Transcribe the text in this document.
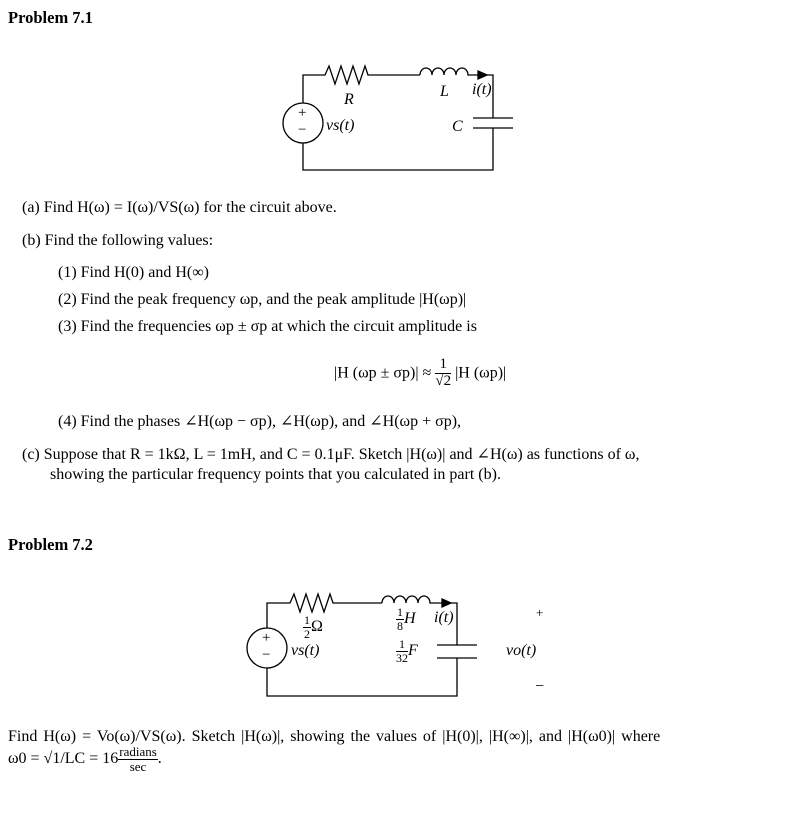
Problem 7.1
+
−
R	L i(t)
vs(t)	C
(a) Find H(ω) = I(ω)/VS(ω) for the circuit above.
(b) Find the following values:
(1) Find H(0) and H(∞)
(2) Find the peak frequency ωp, and the peak amplitude |H(ωp)|
(3) Find the frequencies ωp ± σp at which the circuit amplitude is
|H $(\omega p \pm \sigma p)| \approx \frac{1}{√2} |H$ (ωp)|
(4) Find the phases ∠H(ωp − σp), ∠H(ωp), and ∠H(ωp + σp),
(c) Suppose that R = 1kΩ, L = 1mH, and C = 0.1μF. Sketch |H(ω)| and ∠H(ω) as functions of ω,
showing the particular frequency points that you calculated in part (b).
Problem 7.2
+
−
$\frac{1}{2}$ Ω
vs(t)
$\frac{1}{8}$ H i(t)
$\frac{1}{32}$ F
+
vo(t)
−
Find H(ω) = Vo(ω)/VS(ω). Sketch |H(ω)|, showing the values of |H(0)|, |H(∞)|, and |H(ω0)| where
$\omega 0 = √1/LC = 16 \frac{\text{radians}}{\sec}$ .
